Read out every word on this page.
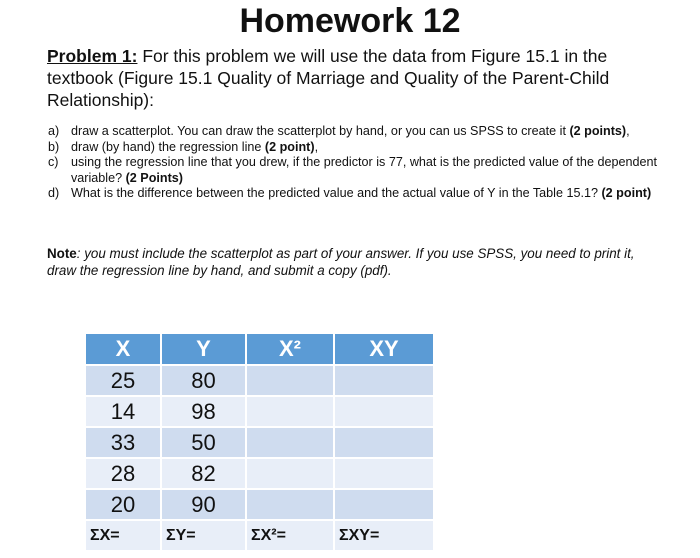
Homework 12
Problem 1: For this problem we will use the data from Figure 15.1 in the textbook (Figure 15.1 Quality of Marriage and Quality of the Parent-Child Relationship):
a) draw a scatterplot. You can draw the scatterplot by hand, or you can us SPSS to create it (2 points),
b) draw (by hand) the regression line (2 point),
c) using the regression line that you drew, if the predictor is 77, what is the predicted value of the dependent variable? (2 Points)
d) What is the difference between the predicted value and the actual value of Y in the Table 15.1? (2 point)
Note: you must include the scatterplot as part of your answer. If you use SPSS, you need to print it, draw the regression line by hand, and submit a copy (pdf).
X	Y	X²	XY
25	80		
14	98		
33	50		
28	82		
20	90		
ΣX=	ΣY=	ΣX²=	ΣXY=
